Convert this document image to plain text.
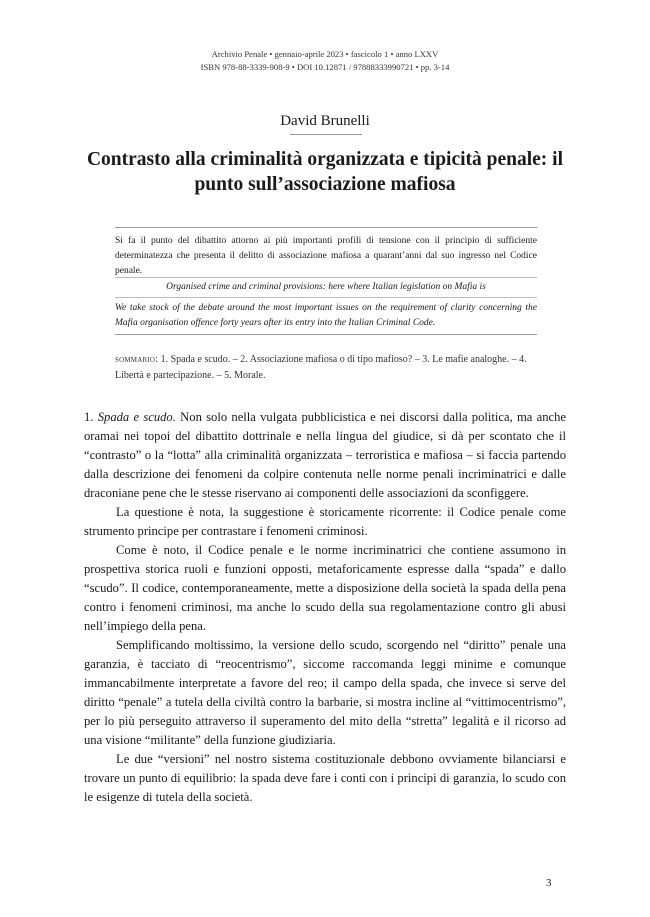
Archivio Penale • gennaio-aprile 2023 • fascicolo 1 • anno LXXV
ISBN 978-88-3339-908-9 • DOI 10.12871 / 97888333990721 • pp. 3-14
David Brunelli
Contrasto alla criminalità organizzata e tipicità penale: il punto sull’associazione mafiosa
Si fa il punto del dibattito attorno ai più importanti profili di tensione con il principio di sufficiente determinatezza che presenta il delitto di associazione mafiosa a quarant’anni dal suo ingresso nel Codice penale.
Organised crime and criminal provisions: here where Italian legislation on Mafia is
We take stock of the debate around the most important issues on the requirement of clarity concerning the Mafia organisation offence forty years after its entry into the Italian Criminal Code.
sommario: 1. Spada e scudo. – 2. Associazione mafiosa o di tipo mafioso? – 3. Le mafie analoghe. – 4. Libertà e partecipazione. – 5. Morale.

1. Spada e scudo. Non solo nella vulgata pubblicistica e nei discorsi dalla politica, ma anche oramai nei topoi del dibattito dottrinale e nella lingua del giudice, si dà per scontato che il “contrasto” o la “lotta” alla criminalità organizzata – terroristica e mafiosa – si faccia partendo dalla descrizione dei fenomeni da colpire contenuta nelle norme penali incriminatrici e dalle draconiane pene che le stesse riservano ai componenti delle associazioni da sconfiggere.

La questione è nota, la suggestione è storicamente ricorrente: il Codice penale come strumento principe per contrastare i fenomeni criminosi.

Come è noto, il Codice penale e le norme incriminatrici che contiene assumono in prospettiva storica ruoli e funzioni opposti, metaforicamente espresse dalla “spada” e dallo “scudo”. Il codice, contemporaneamente, mette a disposizione della società la spada della pena contro i fenomeni criminosi, ma anche lo scudo della sua regolamentazione contro gli abusi nell’impiego della pena.

Semplificando moltissimo, la versione dello scudo, scorgendo nel “diritto” penale una garanzia, è tacciato di “reocentrismo”, siccome raccomanda leggi minime e comunque immancabilmente interpretate a favore del reo; il campo della spada, che invece si serve del diritto “penale” a tutela della civiltà contro la barbarie, si mostra incline al “vittimocentrismo”, per lo più perseguito attraverso il superamento del mito della “stretta” legalità e il ricorso ad una visione “militante” della funzione giudiziaria.

Le due “versioni” nel nostro sistema costituzionale debbono ovviamente bilanciarsi e trovare un punto di equilibrio: la spada deve fare i conti con i principi di garanzia, lo scudo con le esigenze di tutela della società.

3
